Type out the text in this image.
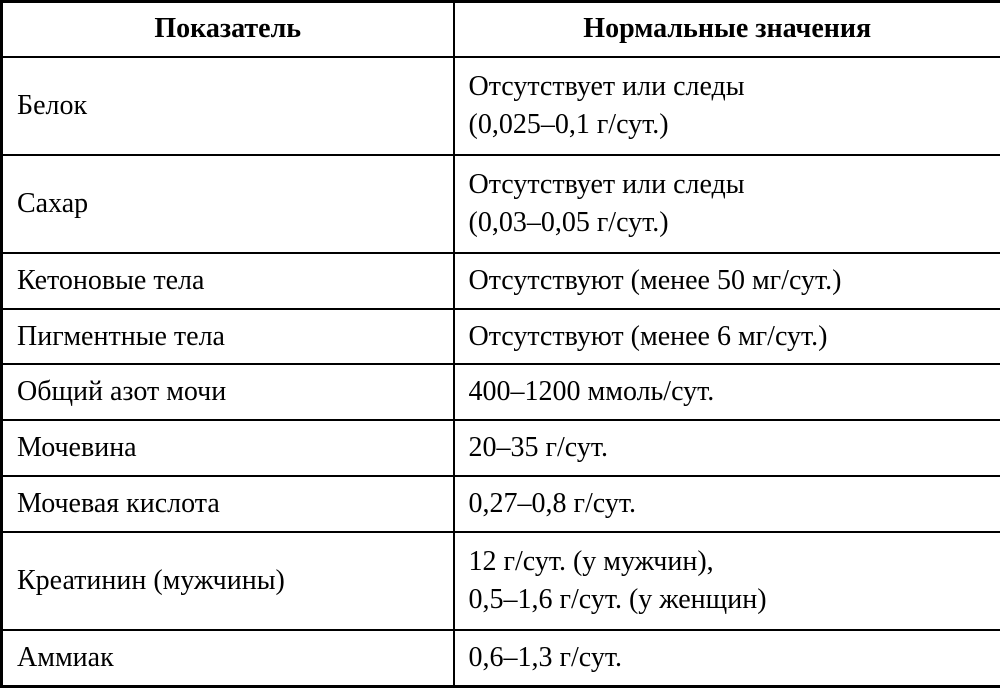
Показатель	Нормальные значения
Белок	Отсутствует или следы
(0,025–0,1 г/сут.)

Сахар	Отсутствует или следы
(0,03–0,05 г/сут.)

Кетоновые тела	Отсутствуют (менее 50 мг/сут.)

Пигментные тела	Отсутствуют (менее 6 мг/сут.)

Общий азот мочи	400–1200 ммоль/сут.

Мочевина	20–35 г/сут.

Мочевая кислота	0,27–0,8 г/сут.

Креатинин (мужчины)	12 г/сут. (у мужчин),
0,5–1,6 г/сут. (у женщин)

Аммиак	0,6–1,3 г/сут.
